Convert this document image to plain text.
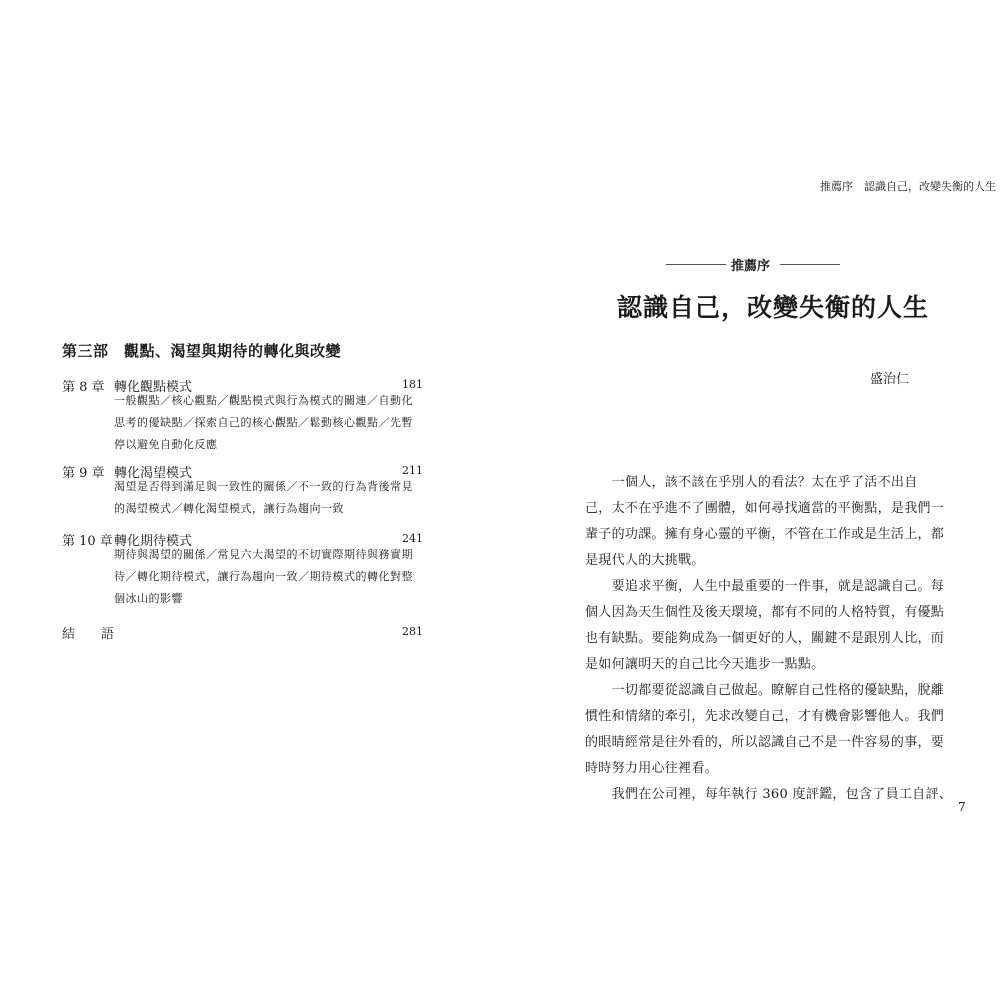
第三部　觀點、渴望與期待的轉化與改變

第 8 章 轉化觀點模式	181

一般觀點／核心觀點／觀點模式與行為模式的關連／自動化
思考的優缺點／探索自己的核心觀點／鬆動核心觀點／先暫
停以避免自動化反應

第 9 章 轉化渴望模式	211

渴望是否得到滿足與一致性的關係／不一致的行為背後常見
的渴望模式／轉化渴望模式，讓行為趨向一致

第 10 章 轉化期待模式	241

期待與渴望的關係／常見六大渴望的不切實際期待與務實期
待／轉化期待模式，讓行為趨向一致／期待模式的轉化對整
個冰山的影響

結　　語	281

推薦序　認識自己，改變失衡的人生

推薦序

認識自己，改變失衡的人生

盛治仁

　　一個人，該不該在乎別人的看法？太在乎了活不出自
己，太不在乎進不了團體，如何尋找適當的平衡點，是我們一
輩子的功課。擁有身心靈的平衡，不管在工作或是生活上，都
是現代人的大挑戰。
　　要追求平衡，人生中最重要的一件事，就是認識自己。每
個人因為天生個性及後天環境，都有不同的人格特質，有優點
也有缺點。要能夠成為一個更好的人，關鍵不是跟別人比，而
是如何讓明天的自己比今天進步一點點。
　　一切都要從認識自己做起。瞭解自己性格的優缺點，脫離
慣性和情緒的牽引，先求改變自己，才有機會影響他人。我們
的眼睛經常是往外看的，所以認識自己不是一件容易的事，要
時時努力用心往裡看。
　　我們在公司裡，每年執行 360 度評鑑，包含了員工自評、

7
